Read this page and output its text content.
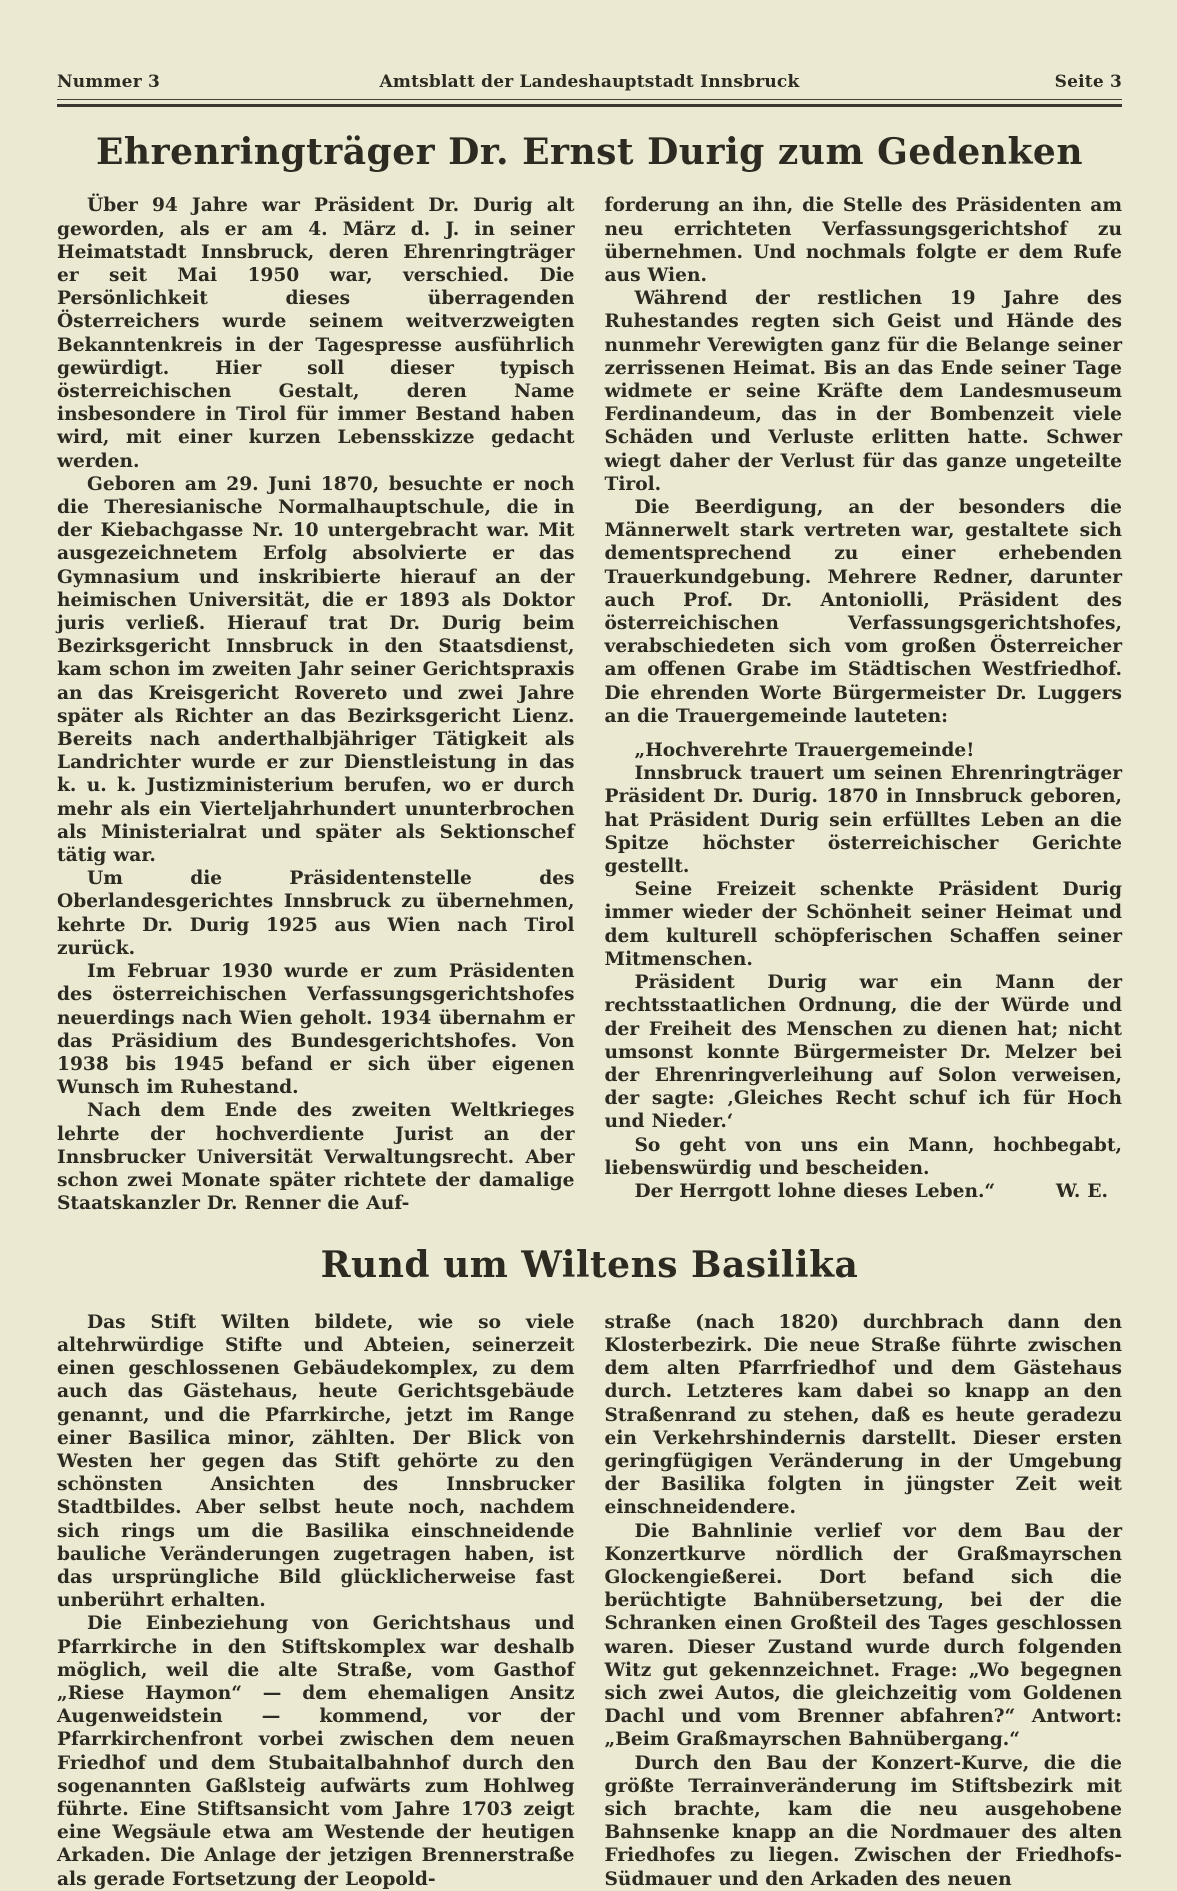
Nummer 3	Amtsblatt der Landeshauptstadt Innsbruck	Seite 3
Ehrenringträger Dr. Ernst Durig zum Gedenken

Über 94 Jahre war Präsident Dr. Durig alt geworden, als er am 4. März d. J. in seiner Heimatstadt Innsbruck, deren Ehrenringträger er seit Mai 1950 war, verschied. Die Persönlichkeit dieses überragenden Österreichers wurde seinem weitverzweigten Bekanntenkreis in der Tagespresse ausführlich gewürdigt. Hier soll dieser typisch österreichischen Gestalt, deren Name insbesondere in Tirol für immer Bestand haben wird, mit einer kurzen Lebensskizze gedacht werden.

Geboren am 29. Juni 1870, besuchte er noch die Theresianische Normalhauptschule, die in der Kiebachgasse Nr. 10 untergebracht war. Mit ausgezeichnetem Erfolg absolvierte er das Gymnasium und inskribierte hierauf an der heimischen Universität, die er 1893 als Doktor juris verließ. Hierauf trat Dr. Durig beim Bezirksgericht Innsbruck in den Staatsdienst, kam schon im zweiten Jahr seiner Gerichtspraxis an das Kreisgericht Rovereto und zwei Jahre später als Richter an das Bezirksgericht Lienz. Bereits nach anderthalbjähriger Tätigkeit als Landrichter wurde er zur Dienstleistung in das k. u. k. Justizministerium berufen, wo er durch mehr als ein Vierteljahrhundert ununterbrochen als Ministerialrat und später als Sektionschef tätig war.

Um die Präsidentenstelle des Oberlandesgerichtes Innsbruck zu übernehmen, kehrte Dr. Durig 1925 aus Wien nach Tirol zurück.

Im Februar 1930 wurde er zum Präsidenten des österreichischen Verfassungsgerichtshofes neuerdings nach Wien geholt. 1934 übernahm er das Präsidium des Bundesgerichtshofes. Von 1938 bis 1945 befand er sich über eigenen Wunsch im Ruhestand.

Nach dem Ende des zweiten Weltkrieges lehrte der hochverdiente Jurist an der Innsbrucker Universität Verwaltungsrecht. Aber schon zwei Monate später richtete der damalige Staatskanzler Dr. Renner die Auf-

forderung an ihn, die Stelle des Präsidenten am neu errichteten Verfassungsgerichtshof zu übernehmen. Und nochmals folgte er dem Rufe aus Wien.

Während der restlichen 19 Jahre des Ruhestandes regten sich Geist und Hände des nunmehr Verewigten ganz für die Belange seiner zerrissenen Heimat. Bis an das Ende seiner Tage widmete er seine Kräfte dem Landesmuseum Ferdinandeum, das in der Bombenzeit viele Schäden und Verluste erlitten hatte. Schwer wiegt daher der Verlust für das ganze ungeteilte Tirol.

Die Beerdigung, an der besonders die Männerwelt stark vertreten war, gestaltete sich dementsprechend zu einer erhebenden Trauerkundgebung. Mehrere Redner, darunter auch Prof. Dr. Antoniolli, Präsident des österreichischen Verfassungsgerichtshofes, verabschiedeten sich vom großen Österreicher am offenen Grabe im Städtischen Westfriedhof. Die ehrenden Worte Bürgermeister Dr. Luggers an die Trauergemeinde lauteten:

„Hochverehrte Trauergemeinde!

Innsbruck trauert um seinen Ehrenringträger Präsident Dr. Durig. 1870 in Innsbruck geboren, hat Präsident Durig sein erfülltes Leben an die Spitze höchster österreichischer Gerichte gestellt.

Seine Freizeit schenkte Präsident Durig immer wieder der Schönheit seiner Heimat und dem kulturell schöpferischen Schaffen seiner Mitmenschen.

Präsident Durig war ein Mann der rechtsstaatlichen Ordnung, die der Würde und der Freiheit des Menschen zu dienen hat; nicht umsonst konnte Bürgermeister Dr. Melzer bei der Ehrenringverleihung auf Solon verweisen, der sagte: ‚Gleiches Recht schuf ich für Hoch und Nieder.‘

So geht von uns ein Mann, hochbegabt, liebenswürdig und bescheiden.

Der Herrgott lohne dieses Leben.“	W. E.
Rund um Wiltens Basilika

Das Stift Wilten bildete, wie so viele altehrwürdige Stifte und Abteien, seinerzeit einen geschlossenen Gebäudekomplex, zu dem auch das Gästehaus, heute Gerichtsgebäude genannt, und die Pfarrkirche, jetzt im Range einer Basilica minor, zählten. Der Blick von Westen her gegen das Stift gehörte zu den schönsten Ansichten des Innsbrucker Stadtbildes. Aber selbst heute noch, nachdem sich rings um die Basilika einschneidende bauliche Veränderungen zugetragen haben, ist das ursprüngliche Bild glücklicherweise fast unberührt erhalten.

Die Einbeziehung von Gerichtshaus und Pfarrkirche in den Stiftskomplex war deshalb möglich, weil die alte Straße, vom Gasthof „Riese Haymon“ — dem ehemaligen Ansitz Augenweidstein — kommend, vor der Pfarrkirchenfront vorbei zwischen dem neuen Friedhof und dem Stubaitalbahnhof durch den sogenannten Gaßlsteig aufwärts zum Hohlweg führte. Eine Stiftsansicht vom Jahre 1703 zeigt eine Wegsäule etwa am Westende der heutigen Arkaden. Die Anlage der jetzigen Brennerstraße als gerade Fortsetzung der Leopold-

straße (nach 1820) durchbrach dann den Klosterbezirk. Die neue Straße führte zwischen dem alten Pfarrfriedhof und dem Gästehaus durch. Letzteres kam dabei so knapp an den Straßenrand zu stehen, daß es heute geradezu ein Verkehrshindernis darstellt. Dieser ersten geringfügigen Veränderung in der Umgebung der Basilika folgten in jüngster Zeit weit einschneidendere.

Die Bahnlinie verlief vor dem Bau der Konzertkurve nördlich der Graßmayrschen Glockengießerei. Dort befand sich die berüchtigte Bahnübersetzung, bei der die Schranken einen Großteil des Tages geschlossen waren. Dieser Zustand wurde durch folgenden Witz gut gekennzeichnet. Frage: „Wo begegnen sich zwei Autos, die gleichzeitig vom Goldenen Dachl und vom Brenner abfahren?“ Antwort: „Beim Graßmayrschen Bahnübergang.“

Durch den Bau der Konzert-Kurve, die die größte Terrainveränderung im Stiftsbezirk mit sich brachte, kam die neu ausgehobene Bahnsenke knapp an die Nordmauer des alten Friedhofes zu liegen. Zwischen der Friedhofs-Südmauer und den Arkaden des neuen
